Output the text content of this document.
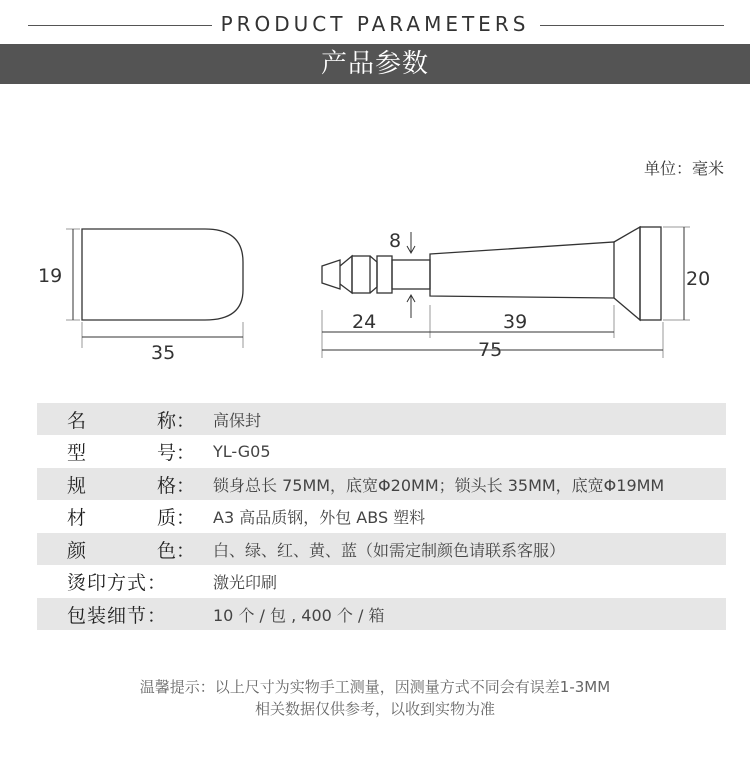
PRODUCT PARAMETERS
产品参数
单位：毫米
19
35
8
24	39
75
20
名	称： 高保封
型	号： YL-G05
规	格： 锁身总长 75MM，底宽Φ20MM；锁头长 35MM，底宽Φ19MM
材	质： A3 高品质钢，外包 ABS 塑料
颜	色： 白、绿、红、黄、蓝（如需定制颜色请联系客服）
烫印方式：	激光印刷
包装细节：	10 个 / 包 , 400 个 / 箱
温馨提示：以上尺寸为实物手工测量，因测量方式不同会有误差1-3MM
相关数据仅供参考，以收到实物为准
